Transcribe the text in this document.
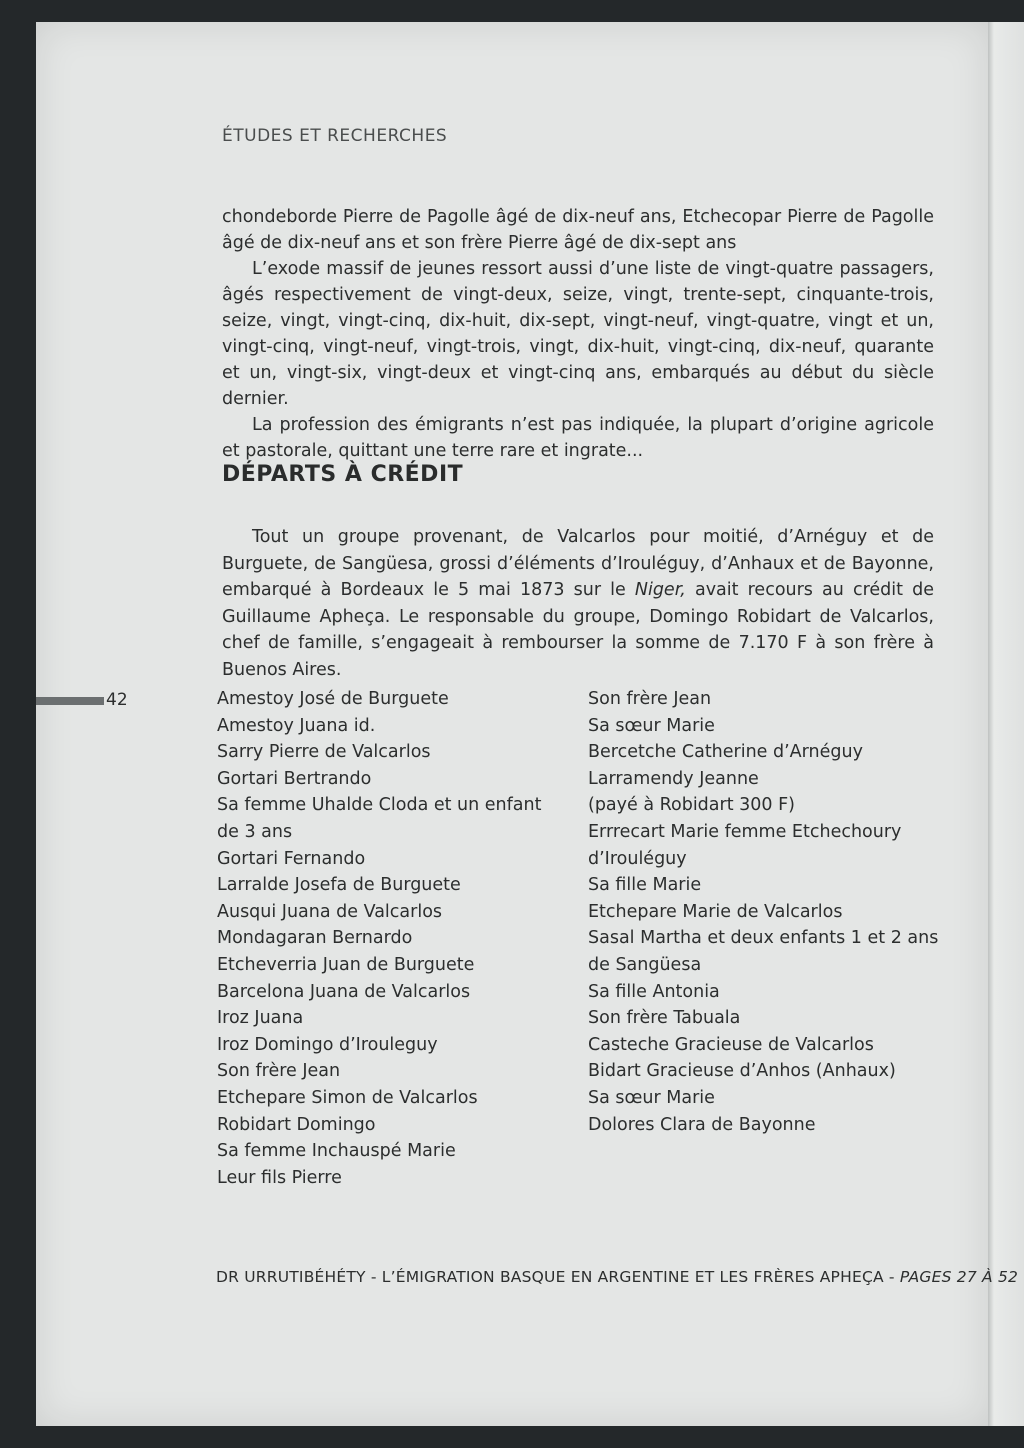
ÉTUDES ET RECHERCHES

chondeborde Pierre de Pagolle âgé de dix-neuf ans, Etchecopar Pierre de Pagolle âgé de dix-neuf ans et son frère Pierre âgé de dix-sept ans

L’exode massif de jeunes ressort aussi d’une liste de vingt-quatre passagers, âgés respectivement de vingt-deux, seize, vingt, trente-sept, cinquante-trois, seize, vingt, vingt-cinq, dix-huit, dix-sept, vingt-neuf, vingt-quatre, vingt et un, vingt-cinq, vingt-neuf, vingt-trois, vingt, dix-huit, vingt-cinq, dix-neuf, quarante et un, vingt-six, vingt-deux et vingt-cinq ans, embarqués au début du siècle dernier.

La profession des émigrants n’est pas indiquée, la plupart d’origine agricole et pastorale, quittant une terre rare et ingrate...

DÉPARTS À CRÉDIT

Tout un groupe provenant, de Valcarlos pour moitié, d’Arnéguy et de Burguete, de Sangüesa, grossi d’éléments d’Irouléguy, d’Anhaux et de Bayonne, embarqué à Bordeaux le 5 mai 1873 sur le Niger, avait recours au crédit de Guillaume Apheça. Le responsable du groupe, Domingo Robidart de Valcarlos, chef de famille, s’engageait à rembourser la somme de 7.170 F à son frère à Buenos Aires.

42	Amestoy José de Burguete
Amestoy Juana id.
Sarry Pierre de Valcarlos
Gortari Bertrando
Sa femme Uhalde Cloda et un enfant de 3 ans
Gortari Fernando
Larralde Josefa de Burguete
Ausqui Juana de Valcarlos
Mondagaran Bernardo
Etcheverria Juan de Burguete
Barcelona Juana de Valcarlos
Iroz Juana
Iroz Domingo d’Irouleguy
Son frère Jean
Etchepare Simon de Valcarlos
Robidart Domingo
Sa femme Inchauspé Marie
Leur fils Pierre
Son frère Jean
Sa sœur Marie
Bercetche Catherine d’Arnéguy
Larramendy Jeanne
(payé à Robidart 300 F)
Errrecart Marie femme Etchechoury
d’Irouléguy
Sa fille Marie
Etchepare Marie de Valcarlos
Sasal Martha et deux enfants 1 et 2 ans
de Sangüesa
Sa fille Antonia
Son frère Tabuala
Casteche Gracieuse de Valcarlos
Bidart Gracieuse d’Anhos (Anhaux)
Sa sœur Marie
Dolores Clara de Bayonne
DR URRUTIBÉHÉTY - L’ÉMIGRATION BASQUE EN ARGENTINE ET LES FRÈRES APHEÇA - PAGES 27 À 52
